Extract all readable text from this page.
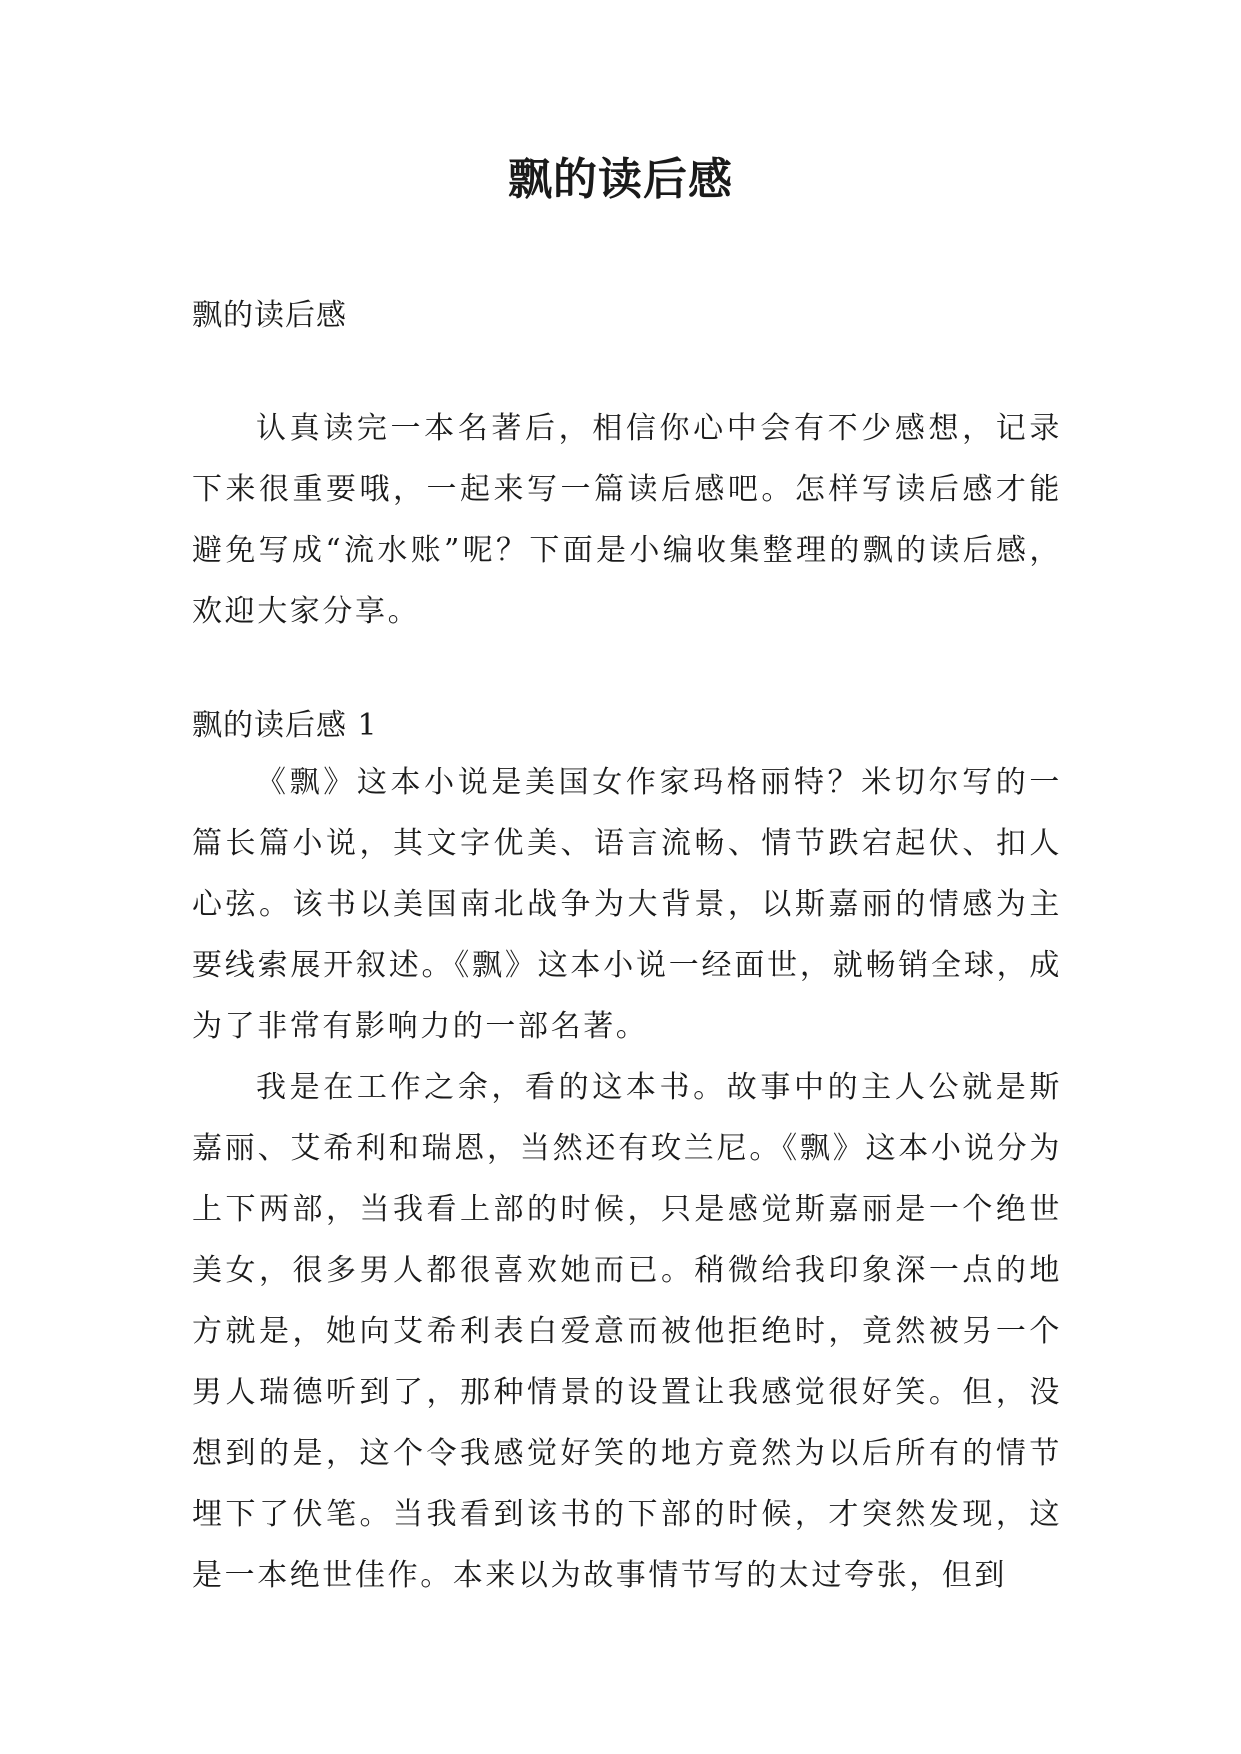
飘的读后感

飘的读后感

认真读完一本名著后，相信你心中会有不少感想，记录下来很重要哦，一起来写一篇读后感吧。怎样写读后感才能避免写成“流水账”呢？下面是小编收集整理的飘的读后感，欢迎大家分享。

飘的读后感 1

《飘》这本小说是美国女作家玛格丽特？米切尔写的一篇长篇小说，其文字优美、语言流畅、情节跌宕起伏、扣人心弦。该书以美国南北战争为大背景，以斯嘉丽的情感为主要线索展开叙述。《飘》这本小说一经面世，就畅销全球，成为了非常有影响力的一部名著。

我是在工作之余，看的这本书。故事中的主人公就是斯嘉丽、艾希利和瑞恩，当然还有玫兰尼。《飘》这本小说分为上下两部，当我看上部的时候，只是感觉斯嘉丽是一个绝世美女，很多男人都很喜欢她而已。稍微给我印象深一点的地方就是，她向艾希利表白爱意而被他拒绝时，竟然被另一个男人瑞德听到了，那种情景的设置让我感觉很好笑。但，没想到的是，这个令我感觉好笑的地方竟然为以后所有的情节埋下了伏笔。当我看到该书的下部的时候，才突然发现，这是一本绝世佳作。本来以为故事情节写的太过夸张，但到
